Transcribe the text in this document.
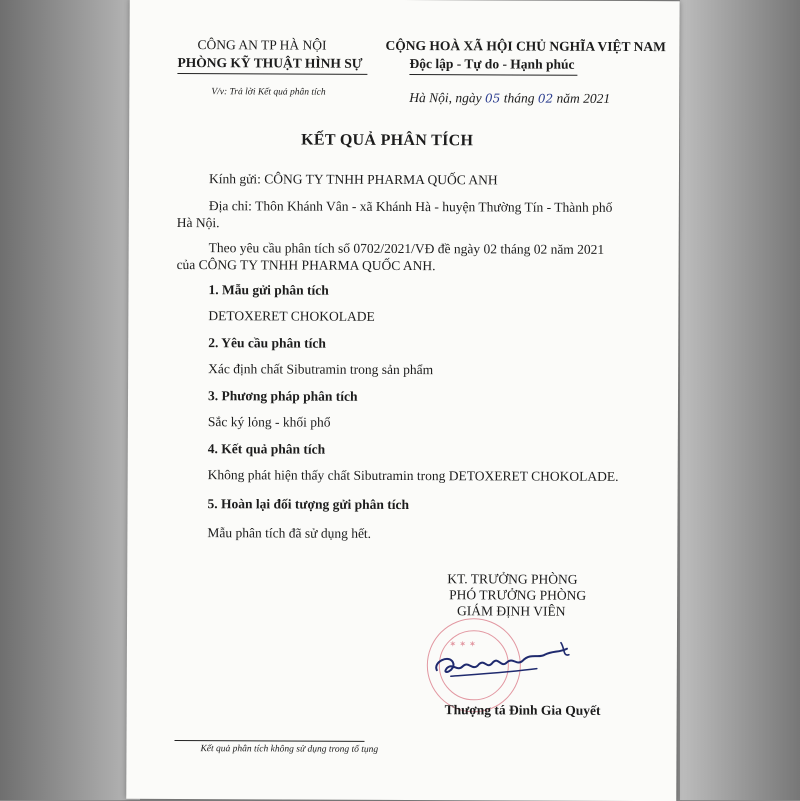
CÔNG AN TP HÀ NỘI
PHÒNG KỸ THUẬT HÌNH SỰ
V/v: Trả lời Kết quả phân tích
CỘNG HOÀ XÃ HỘI CHỦ NGHĨA VIỆT NAM
Độc lập - Tự do - Hạnh phúc
Hà Nội, ngày 05 tháng 02 năm 2021
KẾT QUẢ PHÂN TÍCH
Kính gửi: CÔNG TY TNHH PHARMA QUỐC ANH
Địa chỉ: Thôn Khánh Vân - xã Khánh Hà - huyện Thường Tín - Thành phố
Hà Nội.
Theo yêu cầu phân tích số 0702/2021/VĐ đề ngày 02 tháng 02 năm 2021
của CÔNG TY TNHH PHARMA QUỐC ANH.
1. Mẫu gửi phân tích
DETOXERET CHOKOLADE
2. Yêu cầu phân tích
Xác định chất Sibutramin trong sản phẩm
3. Phương pháp phân tích
Sắc ký lỏng - khối phổ
4. Kết quả phân tích
Không phát hiện thấy chất Sibutramin trong DETOXERET CHOKOLADE.
5. Hoàn lại đối tượng gửi phân tích
Mẫu phân tích đã sử dụng hết.
KT. TRƯỞNG PHÒNG
PHÓ TRƯỞNG PHÒNG
GIÁM ĐỊNH VIÊN
✶ ✶ ✶
Thượng tá Đinh Gia Quyết
Kết quả phân tích không sử dụng trong tố tụng
